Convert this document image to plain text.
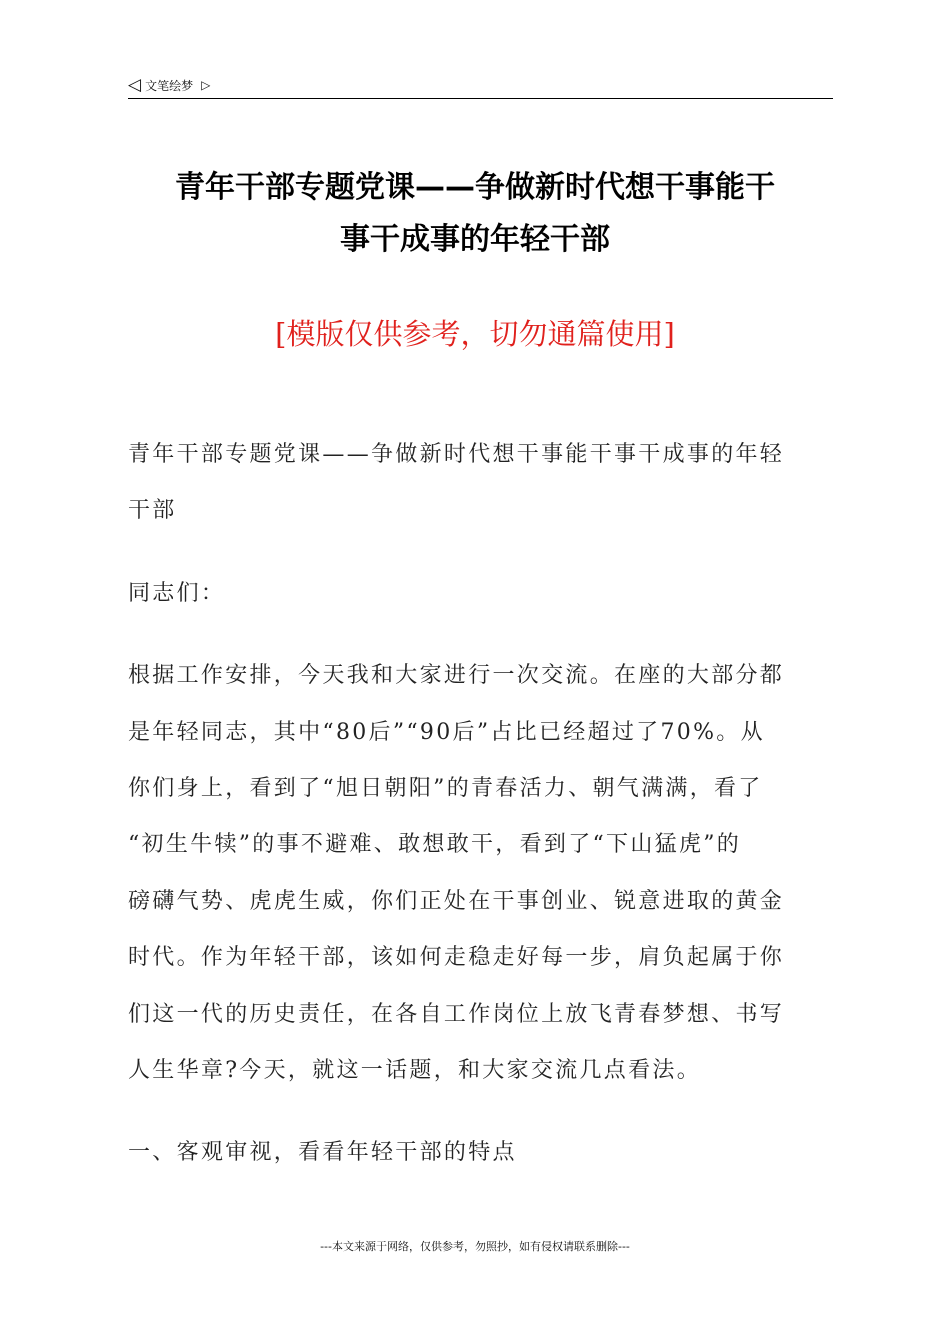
◁ 文笔绘梦 ▷
青年干部专题党课——争做新时代想干事能干
事干成事的年轻干部
[模版仅供参考，切勿通篇使用]

青年干部专题党课——争做新时代想干事能干事干成事的年轻
干部

同志们：

根据工作安排，今天我和大家进行一次交流。在座的大部分都
是年轻同志，其中“80后”“90后”占比已经超过了70%。从
你们身上，看到了“旭日朝阳”的青春活力、朝气满满，看了
“初生牛犊”的事不避难、敢想敢干，看到了“下山猛虎”的
磅礴气势、虎虎生威，你们正处在干事创业、锐意进取的黄金
时代。作为年轻干部，该如何走稳走好每一步，肩负起属于你
们这一代的历史责任，在各自工作岗位上放飞青春梦想、书写
人生华章?今天，就这一话题，和大家交流几点看法。

一、客观审视，看看年轻干部的特点

---本文来源于网络，仅供参考，勿照抄，如有侵权请联系删除---
